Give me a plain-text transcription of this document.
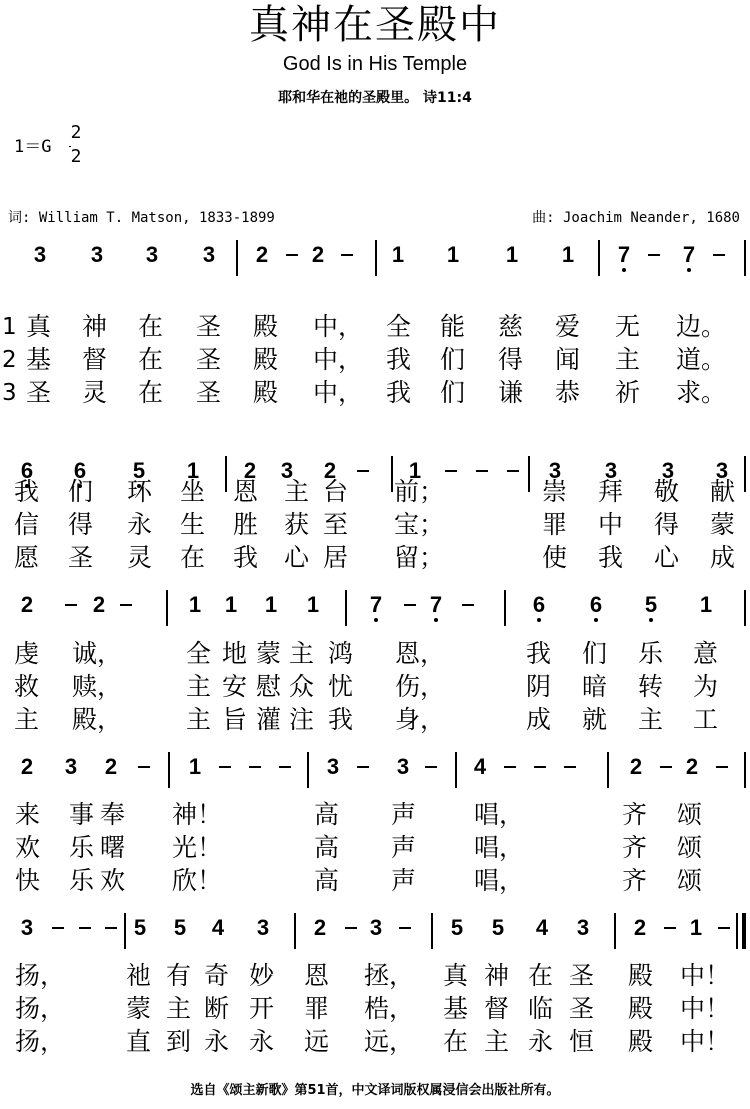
真神在圣殿中
God Is in His Temple
耶和华在祂的圣殿里。 诗11:4
1＝G
2
2
词: William T. Matson, 1833-1899	曲: Joachim Neander, 1680
3 3 3 3 2 2	1 1 1 1 7 7
1 真 神 在 圣 殿 中， 全 能 慈 爱 无 边。
2 基 督 在 圣 殿 中， 我 们 得 闻 主 道。
3 圣 灵 在 圣 殿 中， 我 们 谦 恭 祈 求。
6 6 5 1 2 3 2	1	3 3 3 3
我 们 环 坐 恩 主 台 前；	崇 拜 敬 献
信 得 永 生 胜 获 至 宝；	罪 中 得 蒙
愿 圣 灵 在 我 心 居 留；	使 我 心 成
2	2	1 1 1 1 7 7	6 6 5 1
虔 诚，	全 地 蒙 主 鸿 恩，	我 们 乐 意
救 赎，	主 安 慰 众 忧 伤，	阴 暗 转 为
主 殿，	主 旨 灌 注 我 身，	成 就 主 工
2 3 2	1	3	3	4	2 2
来 事 奉 神！	高 声 唱，	齐 颂
欢 乐 曙 光！	高 声 唱，	齐 颂
快 乐 欢 欣！	高 声 唱，	齐 颂
3	5 5 4 3 2 3	5 5 4 3 2 1
扬， 祂 有 奇 妙 恩 拯， 真 神 在 圣 殿 中！
扬， 蒙 主 断 开 罪 梏， 基 督 临 圣 殿 中！
扬， 直 到 永 永 远 远， 在 主 永 恒 殿 中！
选自《颂主新歌》第51首，中文译词版权属浸信会出版社所有。
